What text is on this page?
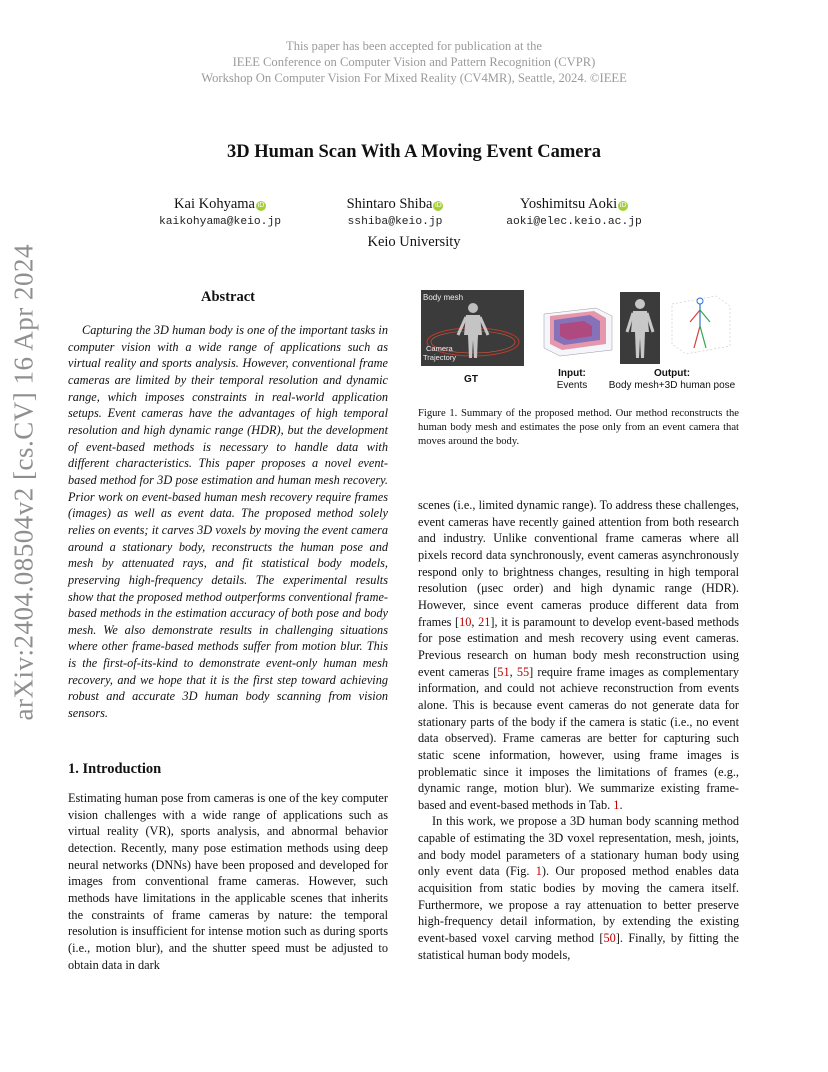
This paper has been accepted for publication at the
IEEE Conference on Computer Vision and Pattern Recognition (CVPR)
Workshop On Computer Vision For Mixed Reality (CV4MR), Seattle, 2024. ©IEEE
3D Human Scan With A Moving Event Camera
Kai Kohyama iD
kaikohyama@keio.jp
Shintaro Shiba iD
sshiba@keio.jp
Yoshimitsu Aoki iD
aoki@elec.keio.ac.jp
Keio University
arXiv:2404.08504v2 [cs.CV] 16 Apr 2024	Abstract
Capturing the 3D human body is one of the important tasks in computer vision with a wide range of applications such as virtual reality and sports analysis. However, conventional frame cameras are limited by their temporal resolution and dynamic range, which imposes constraints in real-world application setups. Event cameras have the advantages of high temporal resolution and high dynamic range (HDR), but the development of event-based methods is necessary to handle data with different characteristics. This paper proposes a novel event-based method for 3D pose estimation and human mesh recovery. Prior work on event-based human mesh recovery require frames (images) as well as event data. The proposed method solely relies on events; it carves 3D voxels by moving the event camera around a stationary body, reconstructs the human pose and mesh by attenuated rays, and fit statistical body models, preserving high-frequency details. The experimental results show that the proposed method outperforms conventional frame-based methods in the estimation accuracy of both pose and body mesh. We also demonstrate results in challenging situations where other frame-based methods suffer from motion blur. This is the first-of-its-kind to demonstrate event-only human mesh recovery, and we hope that it is the first step toward achieving robust and accurate 3D human body scanning from vision sensors.
1. Introduction
Estimating human pose from cameras is one of the key computer vision challenges with a wide range of applications such as virtual reality (VR), sports analysis, and abnormal behavior detection. Recently, many pose estimation methods using deep neural networks (DNNs) have been proposed and developed for images from conventional frame cameras. However, such methods have limitations in the applicable scenes that inherits the constraints of frame cameras by nature: the temporal resolution is insufficient for intense motion such as during sports (i.e., motion blur), and the shutter speed must be adjusted to obtain data in dark
Body mesh
Camera
Trajectory
GT
Input:
Events
Output:
Body mesh+3D human pose
Figure 1. Summary of the proposed method. Our method reconstructs the human body mesh and estimates the pose only from an event camera that moves around the body.

scenes (i.e., limited dynamic range). To address these challenges, event cameras have recently gained attention from both research and industry. Unlike conventional frame cameras where all pixels record data synchronously, event cameras asynchronously respond only to brightness changes, resulting in high temporal resolution (μsec order) and high dynamic range (HDR). However, since event cameras produce different data from frames [10, 21], it is paramount to develop event-based methods for pose estimation and mesh recovery using event cameras. Previous research on human body mesh reconstruction using event cameras [51, 55] require frame images as complementary information, and could not achieve reconstruction from events alone. This is because event cameras do not generate data for stationary parts of the body if the camera is static (i.e., no event data observed). Frame cameras are better for capturing such static scene information, however, using frame images is problematic since it imposes the limitations of frames (e.g., dynamic range, motion blur). We summarize existing frame-based and event-based methods in Tab. 1.

In this work, we propose a 3D human body scanning method capable of estimating the 3D voxel representation, mesh, joints, and body model parameters of a stationary human body using only event data (Fig. 1). Our proposed method enables data acquisition from static bodies by moving the camera itself. Furthermore, we propose a ray attenuation to better preserve high-frequency detail information, by extending the existing event-based voxel carving method [50]. Finally, by fitting the statistical human body models,
